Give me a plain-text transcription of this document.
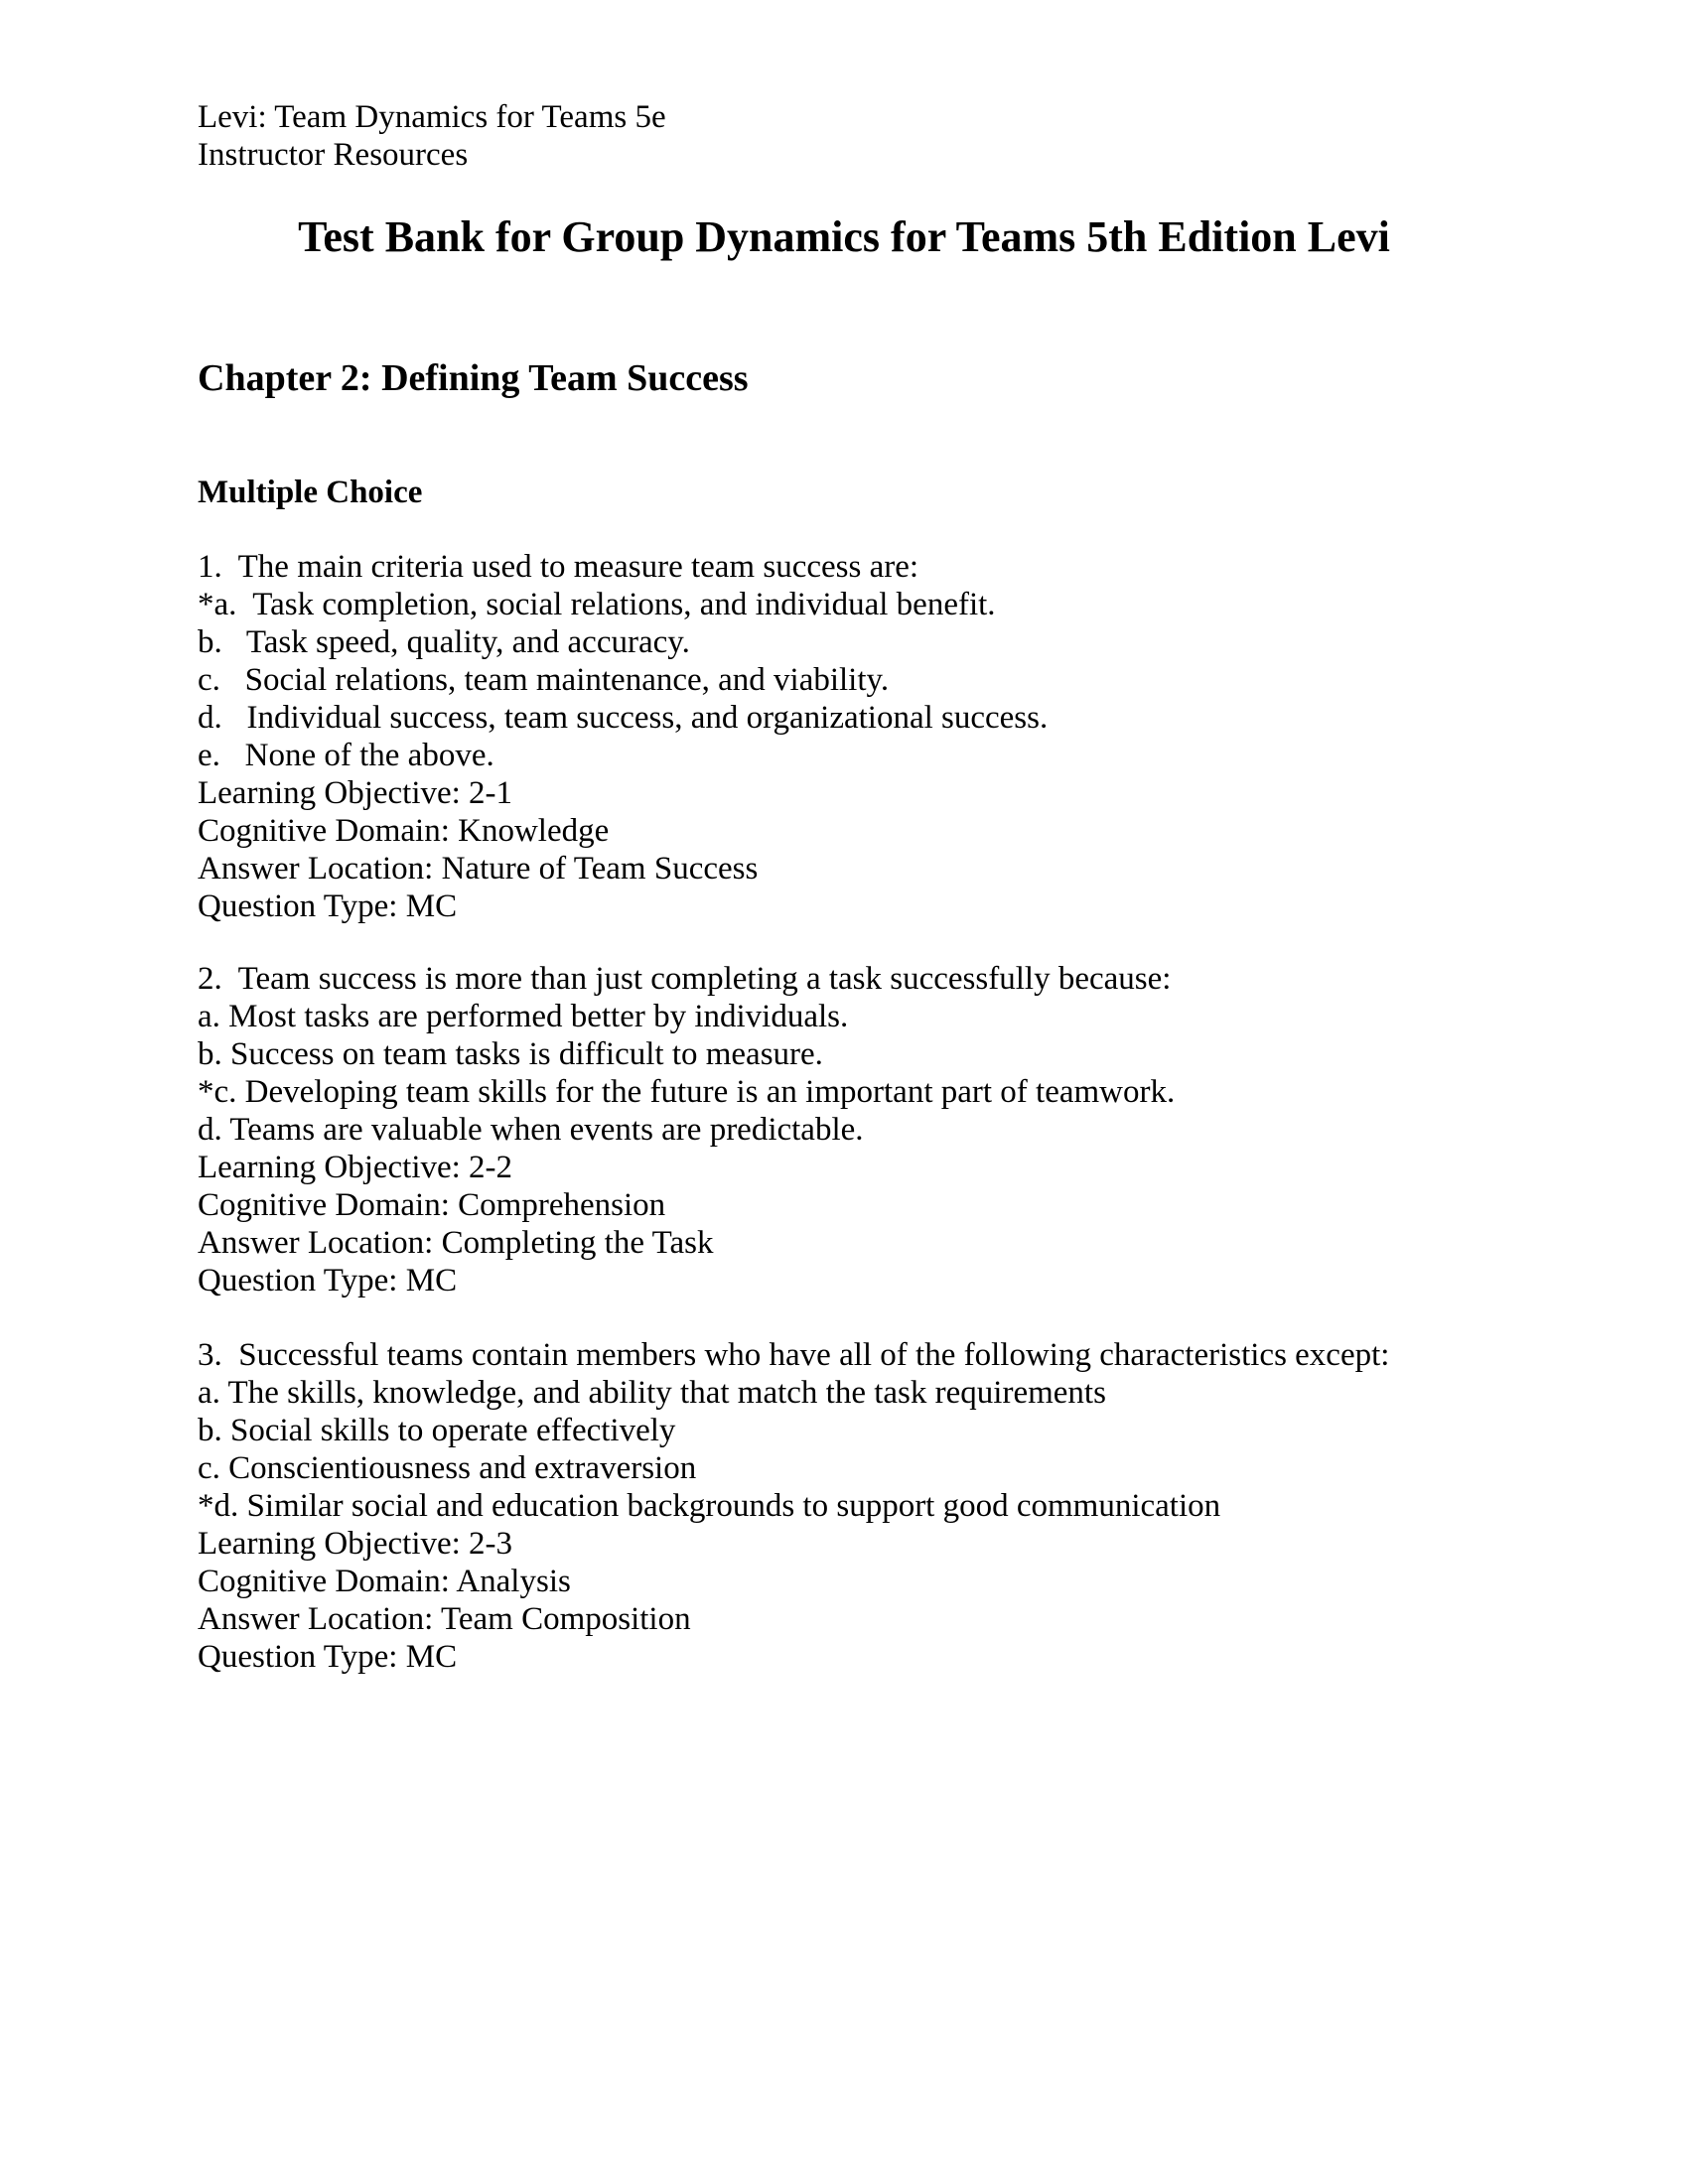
Levi: Team Dynamics for Teams 5e
Instructor Resources
Test Bank for Group Dynamics for Teams 5th Edition Levi
Chapter 2: Defining Team Success
Multiple Choice
1.  The main criteria used to measure team success are:
*a.  Task completion, social relations, and individual benefit.
b.   Task speed, quality, and accuracy.
c.   Social relations, team maintenance, and viability.
d.   Individual success, team success, and organizational success.
e.   None of the above.
Learning Objective: 2-1
Cognitive Domain: Knowledge
Answer Location: Nature of Team Success
Question Type: MC
2.  Team success is more than just completing a task successfully because:
a. Most tasks are performed better by individuals.
b. Success on team tasks is difficult to measure.
*c. Developing team skills for the future is an important part of teamwork.
d. Teams are valuable when events are predictable.
Learning Objective: 2-2
Cognitive Domain: Comprehension
Answer Location: Completing the Task
Question Type: MC
3.  Successful teams contain members who have all of the following characteristics except:
a. The skills, knowledge, and ability that match the task requirements
b. Social skills to operate effectively
c. Conscientiousness and extraversion
*d. Similar social and education backgrounds to support good communication
Learning Objective: 2-3
Cognitive Domain: Analysis
Answer Location: Team Composition
Question Type: MC
